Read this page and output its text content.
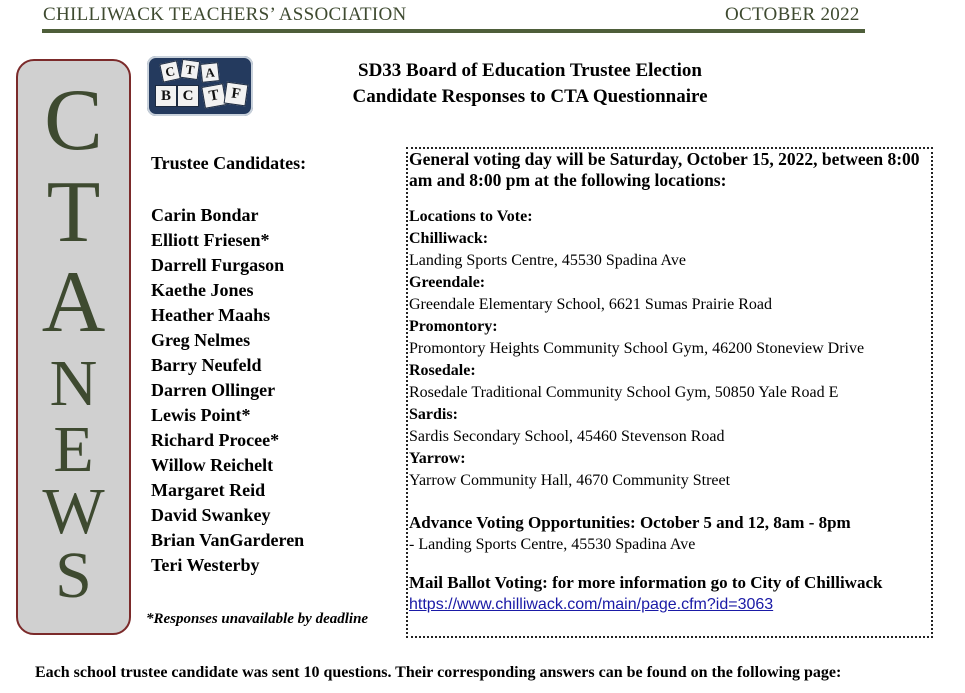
CHILLIWACK TEACHERS’ ASSOCIATION	OCTOBER 2022
C
T
A
N
E
W
S
C T A
B C T F
SD33 Board of Education Trustee Election
Candidate Responses to CTA Questionnaire
Trustee Candidates:
Carin Bondar
Elliott Friesen*
Darrell Furgason
Kaethe Jones
Heather Maahs
Greg Nelmes
Barry Neufeld
Darren Ollinger
Lewis Point*
Richard Procee*
Willow Reichelt
Margaret Reid
David Swankey
Brian VanGarderen
Teri Westerby
*Responses unavailable by deadline

General voting day will be Saturday, October 15, 2022, between 8:00 am and 8:00 pm at the following locations:

Locations to Vote:
Chilliwack:
Landing Sports Centre, 45530 Spadina Ave
Greendale:
Greendale Elementary School, 6621 Sumas Prairie Road
Promontory:
Promontory Heights Community School Gym, 46200 Stoneview Drive
Rosedale:
Rosedale Traditional Community School Gym, 50850 Yale Road E
Sardis:
Sardis Secondary School, 45460 Stevenson Road
Yarrow:
Yarrow Community Hall, 4670 Community Street
Advance Voting Opportunities: October 5 and 12, 8am - 8pm
- Landing Sports Centre, 45530 Spadina Ave
Mail Ballot Voting: for more information go to City of Chilliwack
https://www.chilliwack.com/main/page.cfm?id=3063
Each school trustee candidate was sent 10 questions. Their corresponding answers can be found on the following page:
